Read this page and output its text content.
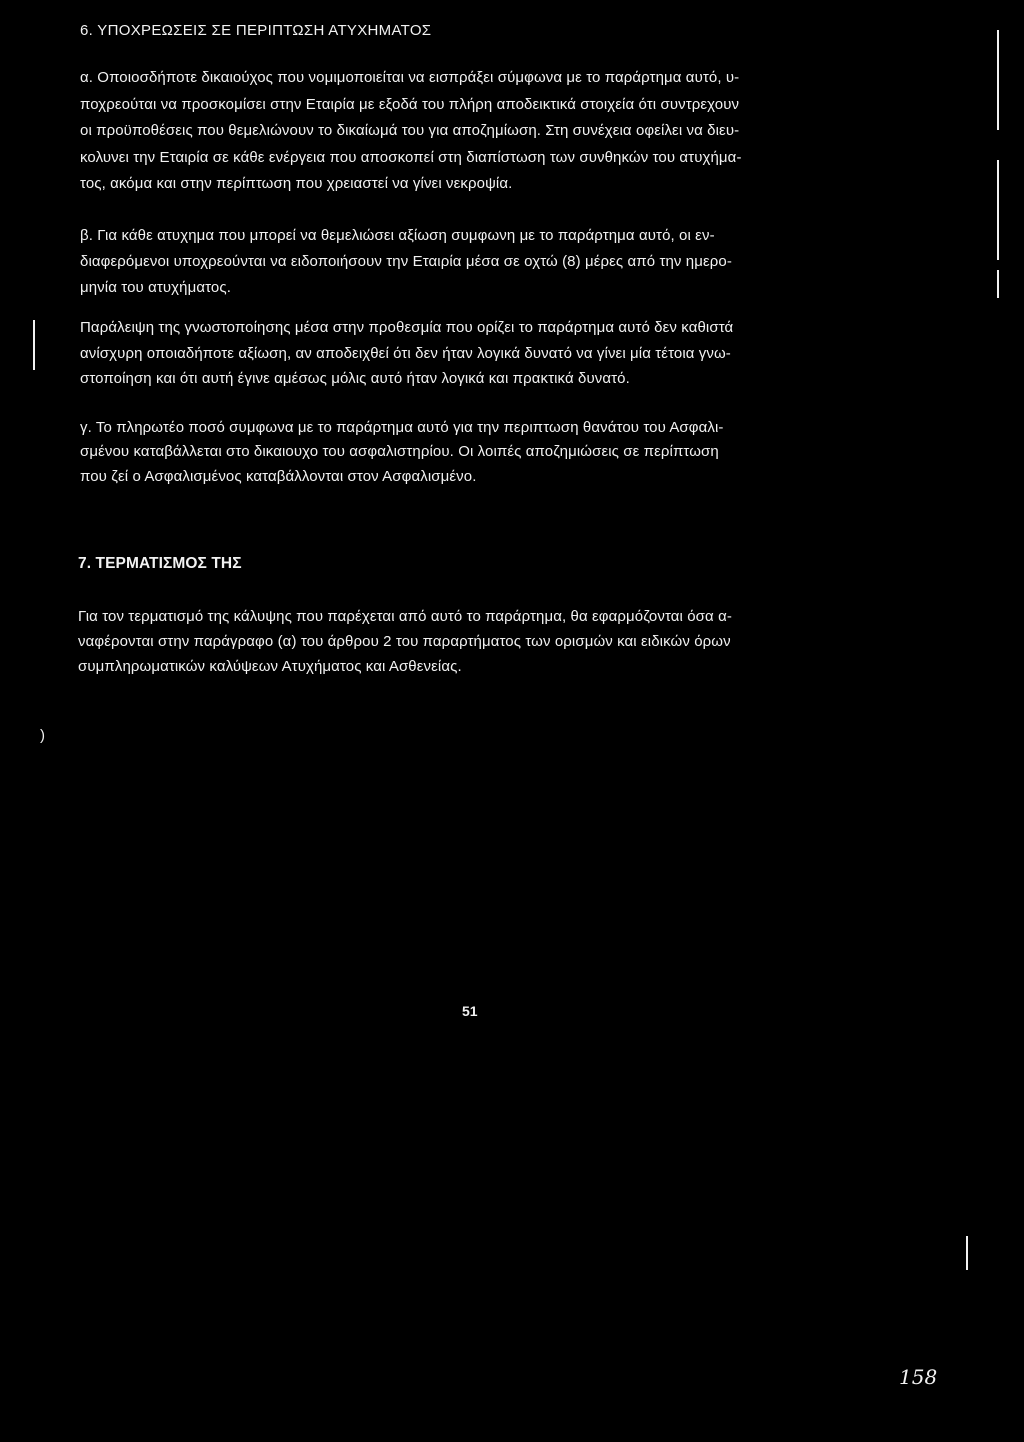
6. ΥΠΟΧΡΕΩΣΕΙΣ ΣΕ ΠΕΡΙΠΤΩΣΗ ΑΤΥΧΗΜΑΤΟΣ
α. Οποιοσδήποτε δικαιούχος που νομιμοποιείται να εισπράξει σύμφωνα με το παράρτημα αυτό, υ-
ποχρεούται να προσκομίσει στην Εταιρία με εξοδά του πλήρη αποδεικτικά στοιχεία ότι συντρεχουν
οι προϋποθέσεις που θεμελιώνουν το δικαίωμά του για αποζημίωση. Στη συνέχεια οφείλει να διευ-
κολυνει την Εταιρία σε κάθε ενέργεια που αποσκοπεί στη διαπίστωση των συνθηκών του ατυχήμα-
τος, ακόμα και στην περίπτωση που χρειαστεί να γίνει νεκροψία.
β. Για κάθε ατυχημα που μπορεί να θεμελιώσει αξίωση συμφωνη με το παράρτημα αυτό, οι εν-
διαφερόμενοι υποχρεούνται να ειδοποιήσουν την Εταιρία μέσα σε οχτώ (8) μέρες από την ημερο-
μηνία του ατυχήματος.
Παράλειψη της γνωστοποίησης μέσα στην προθεσμία που ορίζει το παράρτημα αυτό δεν καθιστά
ανίσχυρη οποιαδήποτε αξίωση, αν αποδειχθεί ότι δεν ήταν λογικά δυνατό να γίνει μία τέτοια γνω-
στοποίηση και ότι αυτή έγινε αμέσως μόλις αυτό ήταν λογικά και πρακτικά δυνατό.
γ. Το πληρωτέο ποσό συμφωνα με το παράρτημα αυτό για την περιπτωση θανάτου του Ασφαλι-
σμένου καταβάλλεται στο δικαιουχο του ασφαλιστηρίου. Οι λοιπές αποζημιώσεις σε περίπτωση
που ζεί ο Ασφαλισμένος καταβάλλονται στον Ασφαλισμένο.
7. ΤΕΡΜΑΤΙΣΜΟΣ ΤΗΣ
Για τον τερματισμό της κάλυψης που παρέχεται από αυτό το παράρτημα, θα εφαρμόζονται όσα α-
ναφέρονται στην παράγραφο (α) του άρθρου 2 του παραρτήματος των ορισμών και ειδικών όρων
συμπληρωματικών καλύψεων Ατυχήματος και Ασθενείας.
)
51
158
